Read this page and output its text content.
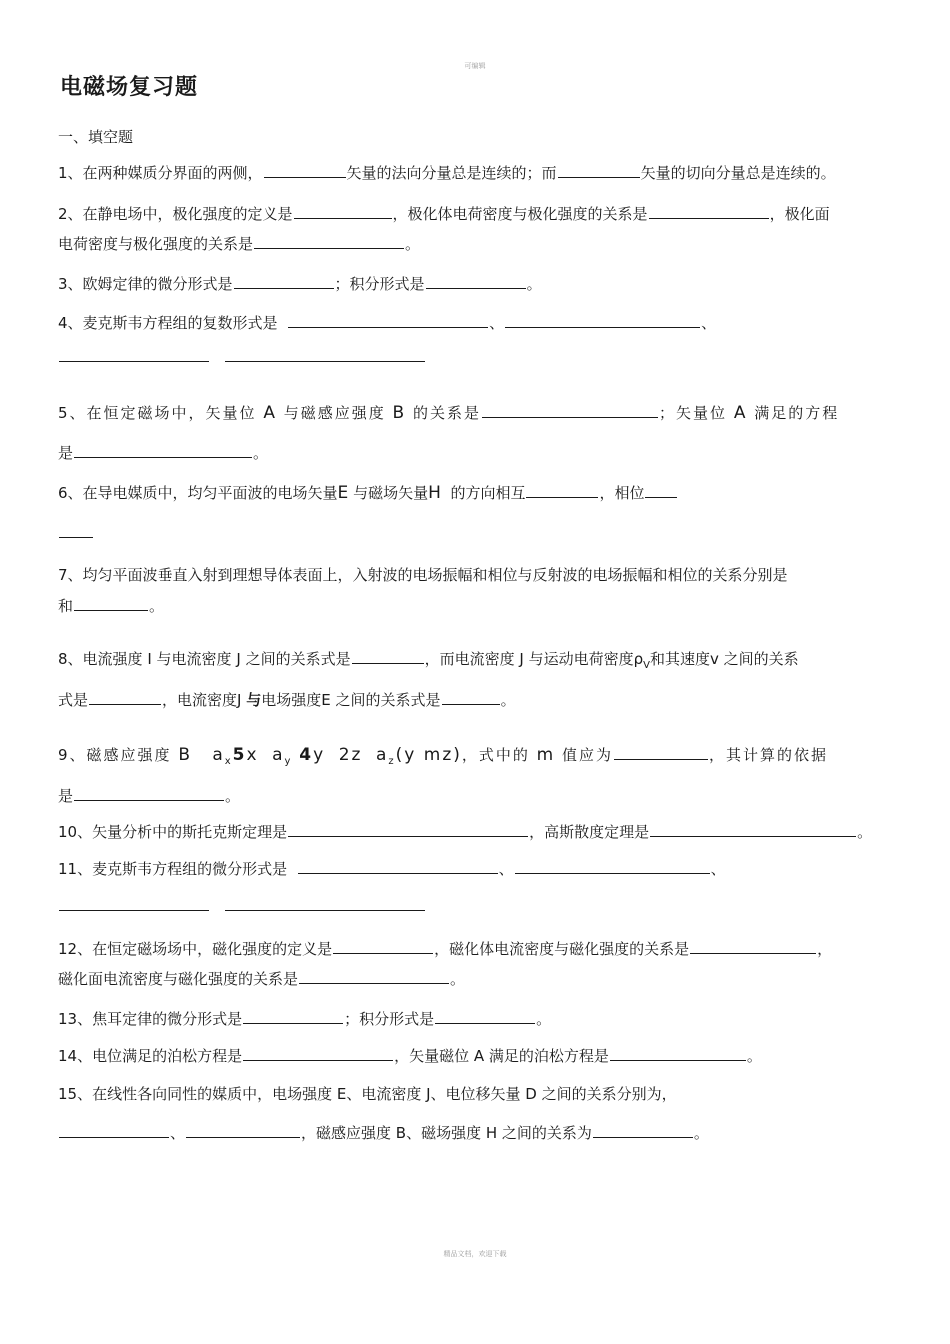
可编辑
电磁场复习题
一、填空题
1、在两种媒质分界面的两侧，	矢量的法向分量总是连续的；而	矢量的切向分量总是连续的。
2、在静电场中，极化强度的定义是	，极化体电荷密度与极化强度的关系是	，极化面
电荷密度与极化强度的关系是	。
3、欧姆定律的微分形式是	；积分形式是	。
4、麦克斯韦方程组的复数形式是	、	、

5、在恒定磁场中，矢量位 A 与磁感应强度 B 的关系是	；矢量位 A 满足的方程
是	。
6、在导电媒质中，均匀平面波的电场矢量E 与磁场矢量H 的方向相互	，相位
7、均匀平面波垂直入射到理想导体表面上，入射波的电场振幅和相位与反射波的电场振幅和相位的关系分别是
和	。
8、电流强度 I 与电流密度 J 之间的关系式是	，而电流密度 J 与运动电荷密度$\rho_V$和其速度v 之间的关系
式是	，电流密度J 与电场强度E 之间的关系式是	。
9、磁感应强度 B $a_x5x$ $a_y$ 4y 2z $a_z(y$ mz)，式中的 m 值应为	，其计算的依据
是	。
10、矢量分析中的斯托克斯定理是	，高斯散度定理是	。
11、麦克斯韦方程组的微分形式是	、	、

12、在恒定磁场场中，磁化强度的定义是	，磁化体电流密度与磁化强度的关系是	，
磁化面电流密度与磁化强度的关系是	。
13、焦耳定律的微分形式是	；积分形式是	。
14、电位满足的泊松方程是	，矢量磁位 A 满足的泊松方程是	。
15、在线性各向同性的媒质中，电场强度 E、电流密度 J、电位移矢量 D 之间的关系分别为，
、	，磁感应强度 B、磁场强度 H 之间的关系为	。
精品文档，欢迎下载
